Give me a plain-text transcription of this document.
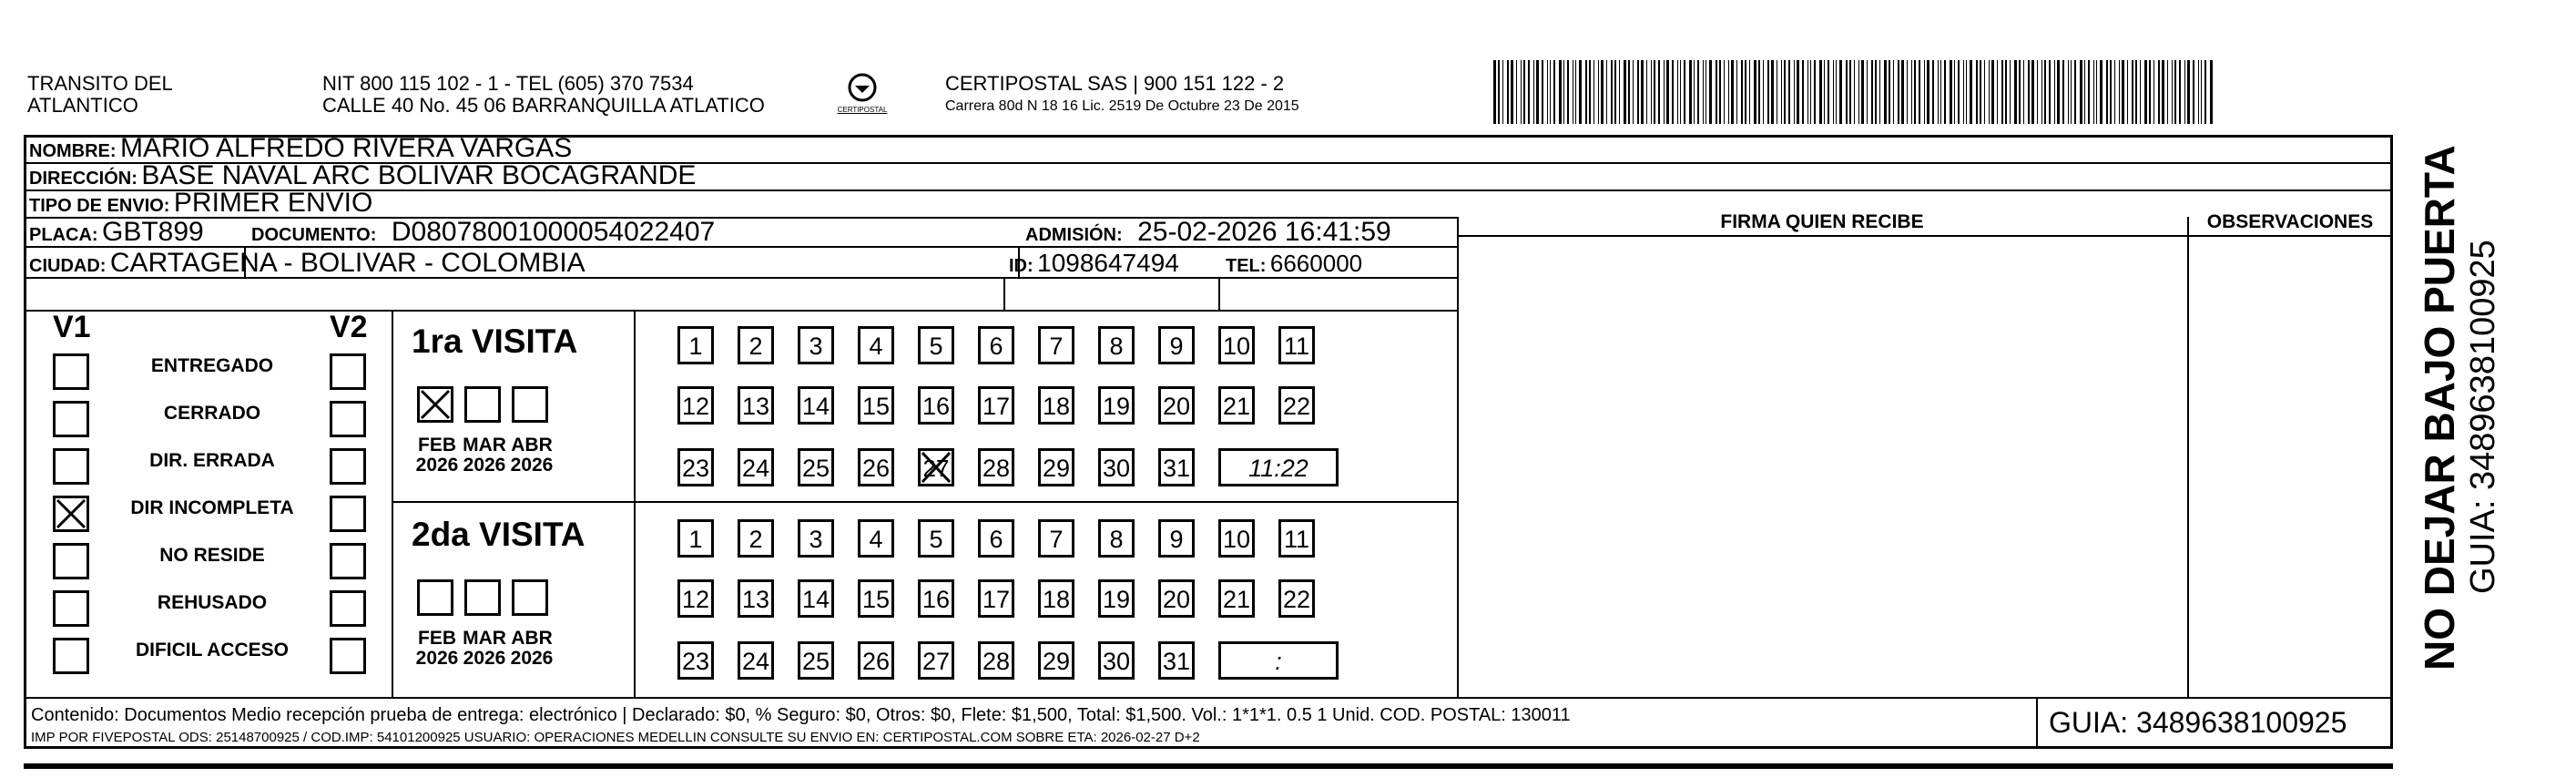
TRANSITO DEL
ATLANTICO
NIT 800 115 102 - 1 - TEL (605) 370 7534
CALLE 40 No. 45 06 BARRANQUILLA ATLATICO	CERTIPOSTAL
CERTIPOSTAL SAS | 900 151 122 - 2
Carrera 80d N 18 16 Lic. 2519 De Octubre 23 De 2015
NOMBRE: MARIO ALFREDO RIVERA VARGAS
DIRECCIÓN: BASE NAVAL ARC BOLIVAR BOCAGRANDE
TIPO DE ENVIO: PRIMER ENVIO
PLACA: GBT899	DOCUMENTO: D08078001000054022407	ADMISIÓN: 25-02-2026 16:41:59
CIUDAD: CARTAGENA - BOLIVAR - COLOMBIA	ID: 1098647494	TEL: 6660000
FIRMA QUIEN RECIBE	OBSERVACIONES
V1	V2
ENTREGADO
CERRADO
DIR. ERRADA
DIR INCOMPLETA
NO RESIDE
REHUSADO
DIFICIL ACCESO
1ra VISITA
FEB
2026
MAR
2026
ABR
2026
1	2	3	4	5	6	7	8	9	10 11
12 13 14 15 16 17 18 19 20 21 22
23 24 25 26 27 28 29 30 31	11:22
2da VISITA
FEB
2026
MAR
2026
ABR
2026
1	2	3	4	5	6	7	8	9	10 11
12 13 14 15 16 17 18 19 20 21 22
23 24 25 26 27 28 29 30 31	:
Contenido: Documentos Medio recepción prueba de entrega: electrónico | Declarado: $0, % Seguro: $0, Otros: $0, Flete: $1,500, Total: $1,500. Vol.: 1*1*1. 0.5 1 Unid. COD. POSTAL: 130011
IMP POR FIVEPOSTAL ODS: 25148700925 / COD.IMP: 54101200925 USUARIO: OPERACIONES MEDELLIN CONSULTE SU ENVIO EN: CERTIPOSTAL.COM SOBRE ETA: 2026-02-27 D+2	GUIA: 3489638100925
NO DEJAR BAJO PUERTA GUIA: 3489638100925
